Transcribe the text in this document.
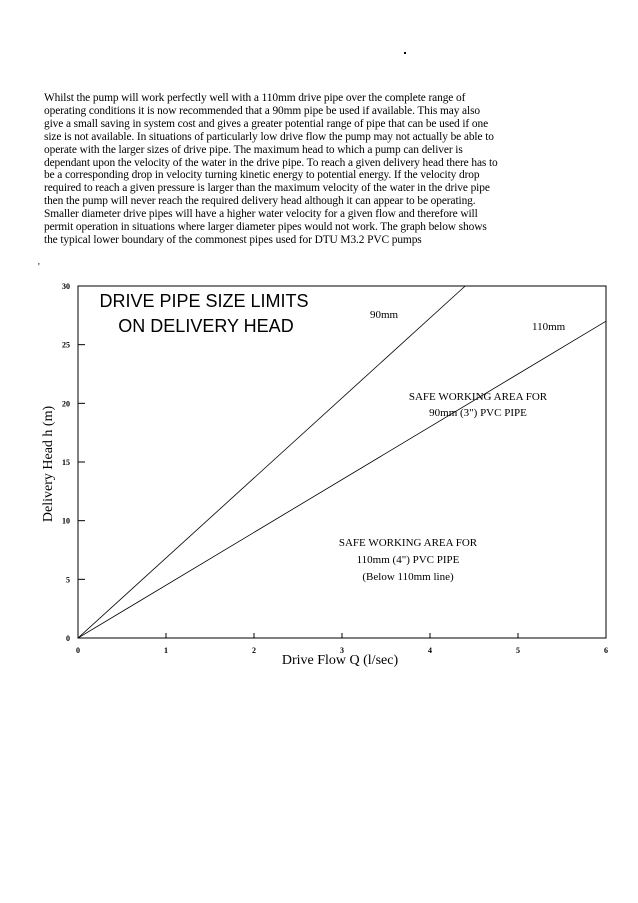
Whilst the pump will work perfectly well with a 110mm drive pipe over the complete range of
operating conditions it is now recommended that a 90mm pipe be used if available. This may also
give a small saving in system cost and gives a greater potential range of pipe that can be used if one
size is not available. In situations of particularly low drive flow the pump may not actually be able to
operate with the larger sizes of drive pipe. The maximum head to which a pump can deliver is
dependant upon the velocity of the water in the drive pipe. To reach a given delivery head there has to
be a corresponding drop in velocity turning kinetic energy to potential energy. If the velocity drop
required to reach a given pressure is larger than the maximum velocity of the water in the drive pipe
then the pump will never reach the required delivery head although it can appear to be operating.
Smaller diameter drive pipes will have a higher water velocity for a given flow and therefore will
permit operation in situations where larger diameter pipes would not work. The graph below shows
the typical lower boundary of the commonest pipes used for DTU M3.2 PVC pumps
'
0	1	2	3	4	5	6
0
5
10
15
20
25
30
DRIVE PIPE SIZE LIMITS
ON DELIVERY HEAD
90mm
110mm
SAFE WORKING AREA FOR
90mm (3") PVC PIPE
SAFE WORKING AREA FOR
110mm (4") PVC PIPE
(Below 110mm line)
Drive Flow Q (l/sec)
Delivery Head h (m)
